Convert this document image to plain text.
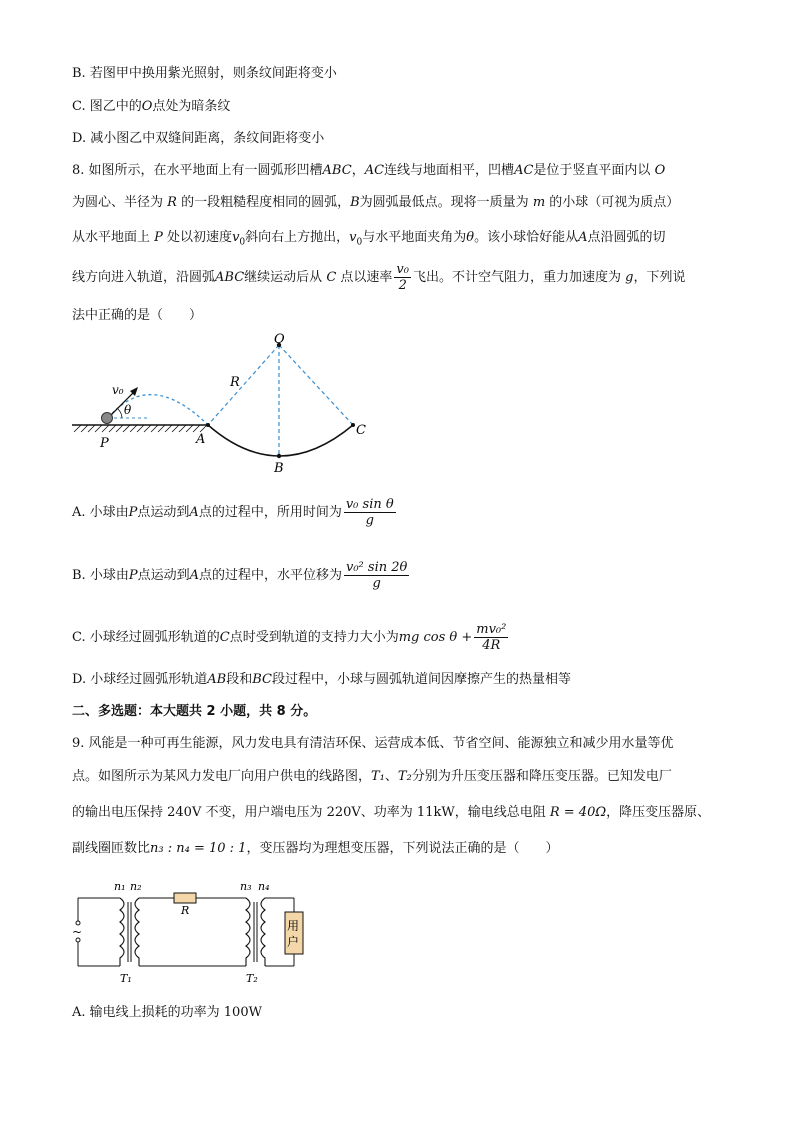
B. 若图甲中换用紫光照射，则条纹间距将变小
C. 图乙中的O点处为暗条纹
D. 减小图乙中双缝间距离，条纹间距将变小
8. 如图所示，在水平地面上有一圆弧形凹槽ABC，AC连线与地面相平，凹槽AC是位于竖直平面内以 O
为圆心、半径为 R 的一段粗糙程度相同的圆弧，B为圆弧最低点。现将一质量为 m 的小球（可视为质点）
从水平地面上 P 处以初速度$v_0$斜向右上方抛出，$v_0$与水平地面夹角为θ。该小球恰好能从A点沿圆弧的切
线方向进入轨道，沿圆弧ABC继续运动后从 C 点以速率 $\frac{\text{v₀}}{2}$ 飞出。不计空气阻力，重力加速度为 g，下列说
法中正确的是（　　）
O
R
v₀
θ
P	A
B
C
A. 小球由P点运动到A点的过程中，所用时间为 $\frac{\text{v₀ sin θ}}{g}$
B. 小球由P点运动到A点的过程中，水平位移为 $\frac{\text{v₀² sin 2θ}}{g}$
C. 小球经过圆弧形轨道的C点时受到轨道的支持力大小为mg $\cos \theta + \frac{\text{mv₀²}}{4R}$
D. 小球经过圆弧形轨道AB段和BC段过程中，小球与圆弧轨道间因摩擦产生的热量相等
二、多选题：本大题共 2 小题，共 8 分。
9. 风能是一种可再生能源，风力发电具有清洁环保、运营成本低、节省空间、能源独立和减少用水量等优
点。如图所示为某风力发电厂向用户供电的线路图，T₁、T₂分别为升压变压器和降压变压器。已知发电厂
的输出电压保持 240V 不变，用户端电压为 220V、功率为 11kW，输电线总电阻 R = 40Ω，降压变压器原、
副线圈匝数比n₃ : n₄ = 10 : 1，变压器均为理想变压器，下列说法正确的是（　　）
~	用
户
n₁ n₂
R
n₃ n₄
T₁	T₂
A. 输电线上损耗的功率为 100W
